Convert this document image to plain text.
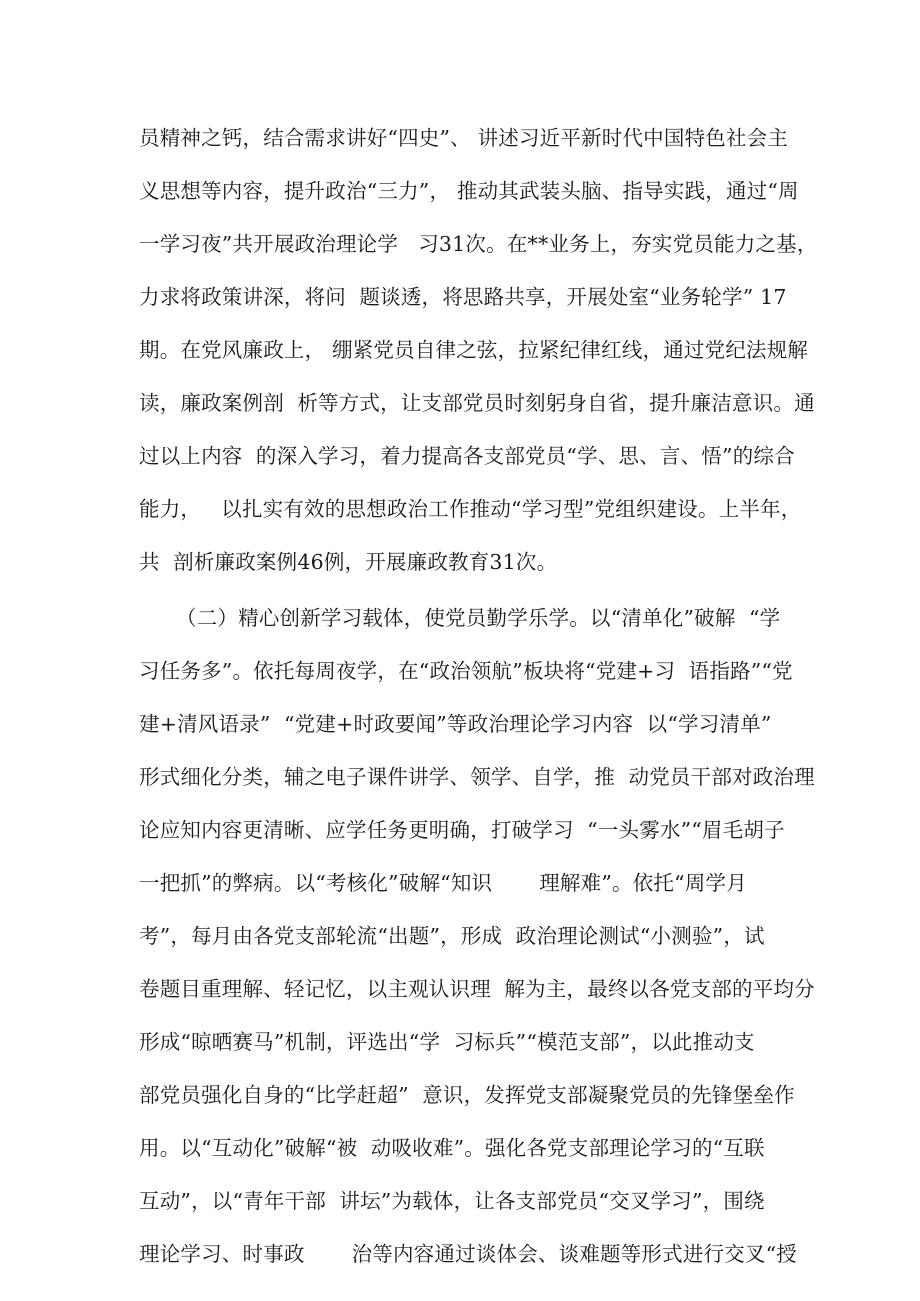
员精神之钙，结合需求讲好“四史”、 讲述习近平新时代中国特色社会主
义思想等内容，提升政治“三力”， 推动其武装头脑、指导实践，通过“周
一学习夜”共开展政治理论学   习31次。在**业务上，夯实党员能力之基，
力求将政策讲深，将问  题谈透，将思路共享，开展处室“业务轮学” 17
期。在党风廉政上， 绷紧党员自律之弦，拉紧纪律红线，通过党纪法规解
读，廉政案例剖  析等方式，让支部党员时刻躬身自省，提升廉洁意识。通
过以上内容  的深入学习，着力提高各支部党员“学、思、言、悟”的综合
能力，   以扎实有效的思想政治工作推动“学习型”党组织建设。上半年，
共  剖析廉政案例46例，开展廉政教育31次。
（二）精心创新学习载体，使党员勤学乐学。以“清单化”破解  “学
习任务多”。依托每周夜学，在“政治领航”板块将“党建+习  语指路”“党
建+清风语录”  “党建+时政要闻”等政治理论学习内容  以“学习清单”
形式细化分类，辅之电子课件讲学、领学、自学，推  动党员干部对政治理
论应知内容更清晰、应学任务更明确，打破学习  “一头雾水”“眉毛胡子
一把抓”的弊病。以“考核化”破解“知识       理解难”。依托“周学月
考”，每月由各党支部轮流“出题”，形成  政治理论测试“小测验”，试
卷题目重理解、轻记忆，以主观认识理  解为主，最终以各党支部的平均分
形成“晾晒赛马”机制，评选出“学  习标兵”“模范支部”，以此推动支
部党员强化自身的“比学赶超”  意识，发挥党支部凝聚党员的先锋堡垒作
用。以“互动化”破解“被  动吸收难”。强化各党支部理论学习的“互联
互动”，以“青年干部  讲坛”为载体，让各支部党员“交叉学习”，围绕
理论学习、时事政       治等内容通过谈体会、谈难题等形式进行交叉“授
